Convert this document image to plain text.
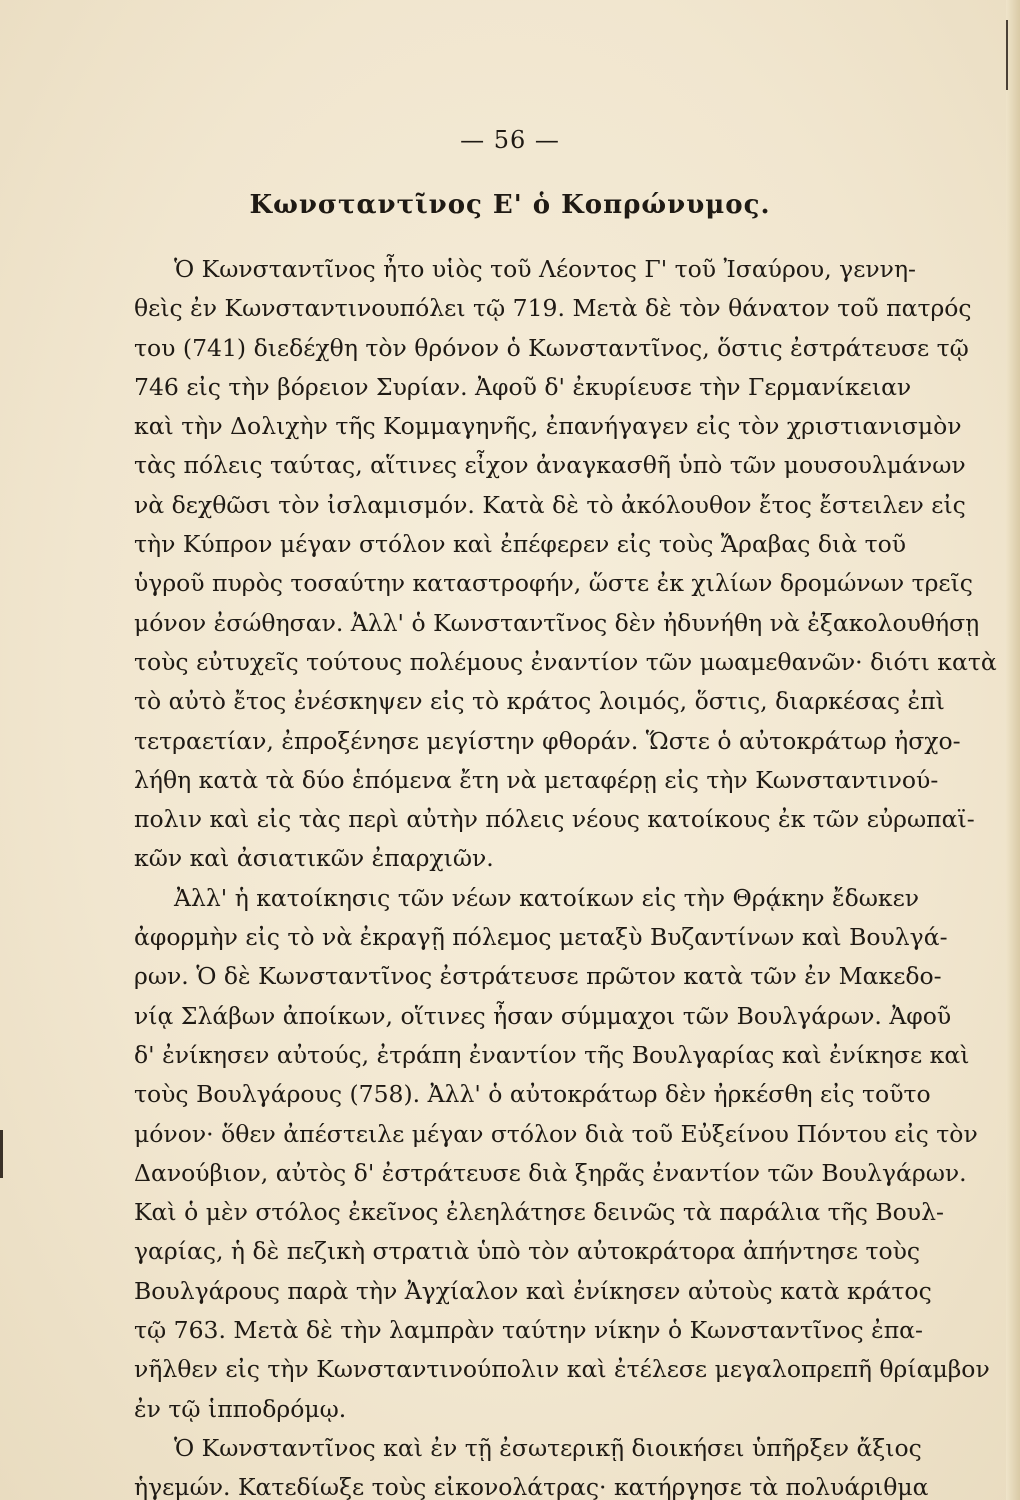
— 56 —
Κωνσταντῖνος Ε' ὁ Κοπρώνυμος.
Ὁ Κωνσταντῖνος ἦτο υἱὸς τοῦ Λέοντος Γ' τοῦ Ἰσαύρου, γεννη-
θεὶς ἐν Κωνσταντινουπόλει τῷ 719. Μετὰ δὲ τὸν θάνατον τοῦ πατρός
του (741) διεδέχθη τὸν θρόνον ὁ Κωνσταντῖνος, ὅστις ἐστράτευσε τῷ
746 εἰς τὴν βόρειον Συρίαν. Ἀφοῦ δ' ἐκυρίευσε τὴν Γερμανίκειαν
καὶ τὴν Δολιχὴν τῆς Κομμαγηνῆς, ἐπανήγαγεν εἰς τὸν χριστιανισμὸν
τὰς πόλεις ταύτας, αἵτινες εἶχον ἀναγκασθῆ ὑπὸ τῶν μουσουλμάνων
νὰ δεχθῶσι τὸν ἰσλαμισμόν. Κατὰ δὲ τὸ ἀκόλουθον ἔτος ἔστειλεν εἰς
τὴν Κύπρον μέγαν στόλον καὶ ἐπέφερεν εἰς τοὺς Ἄραβας διὰ τοῦ
ὑγροῦ πυρὸς τοσαύτην καταστροφήν, ὥστε ἐκ χιλίων δρομώνων τρεῖς
μόνον ἐσώθησαν. Ἀλλ' ὁ Κωνσταντῖνος δὲν ἠδυνήθη νὰ ἐξακολουθήσῃ
τοὺς εὐτυχεῖς τούτους πολέμους ἐναντίον τῶν μωαμεθανῶν· διότι κατὰ
τὸ αὐτὸ ἔτος ἐνέσκηψεν εἰς τὸ κράτος λοιμός, ὅστις, διαρκέσας ἐπὶ
τετραετίαν, ἐπροξένησε μεγίστην φθοράν. Ὥστε ὁ αὐτοκράτωρ ἠσχο-
λήθη κατὰ τὰ δύο ἑπόμενα ἔτη νὰ μεταφέρῃ εἰς τὴν Κωνσταντινού-
πολιν καὶ εἰς τὰς περὶ αὐτὴν πόλεις νέους κατοίκους ἐκ τῶν εὐρωπαϊ-
κῶν καὶ ἀσιατικῶν ἐπαρχιῶν.
Ἀλλ' ἡ κατοίκησις τῶν νέων κατοίκων εἰς τὴν Θρᾴκην ἔδωκεν
ἀφορμὴν εἰς τὸ νὰ ἐκραγῇ πόλεμος μεταξὺ Βυζαντίνων καὶ Βουλγά-
ρων. Ὁ δὲ Κωνσταντῖνος ἐστράτευσε πρῶτον κατὰ τῶν ἐν Μακεδο-
νίᾳ Σλάβων ἀποίκων, οἵτινες ἦσαν σύμμαχοι τῶν Βουλγάρων. Ἀφοῦ
δ' ἐνίκησεν αὐτούς, ἐτράπη ἐναντίον τῆς Βουλγαρίας καὶ ἐνίκησε καὶ
τοὺς Βουλγάρους (758). Ἀλλ' ὁ αὐτοκράτωρ δὲν ἠρκέσθη εἰς τοῦτο
μόνον· ὅθεν ἀπέστειλε μέγαν στόλον διὰ τοῦ Εὐξείνου Πόντου εἰς τὸν
Δανούβιον, αὐτὸς δ' ἐστράτευσε διὰ ξηρᾶς ἐναντίον τῶν Βουλγάρων.
Καὶ ὁ μὲν στόλος ἐκεῖνος ἐλεηλάτησε δεινῶς τὰ παράλια τῆς Βουλ-
γαρίας, ἡ δὲ πεζικὴ στρατιὰ ὑπὸ τὸν αὐτοκράτορα ἀπήντησε τοὺς
Βουλγάρους παρὰ τὴν Ἀγχίαλον καὶ ἐνίκησεν αὐτοὺς κατὰ κράτος
τῷ 763. Μετὰ δὲ τὴν λαμπρὰν ταύτην νίκην ὁ Κωνσταντῖνος ἐπα-
νῆλθεν εἰς τὴν Κωνσταντινούπολιν καὶ ἐτέλεσε μεγαλοπρεπῆ θρίαμβον
ἐν τῷ ἱπποδρόμῳ.
Ὁ Κωνσταντῖνος καὶ ἐν τῇ ἐσωτερικῇ διοικήσει ὑπῆρξεν ἄξιος
ἡγεμών. Κατεδίωξε τοὺς εἰκονολάτρας· κατήργησε τὰ πολυάριθμα
